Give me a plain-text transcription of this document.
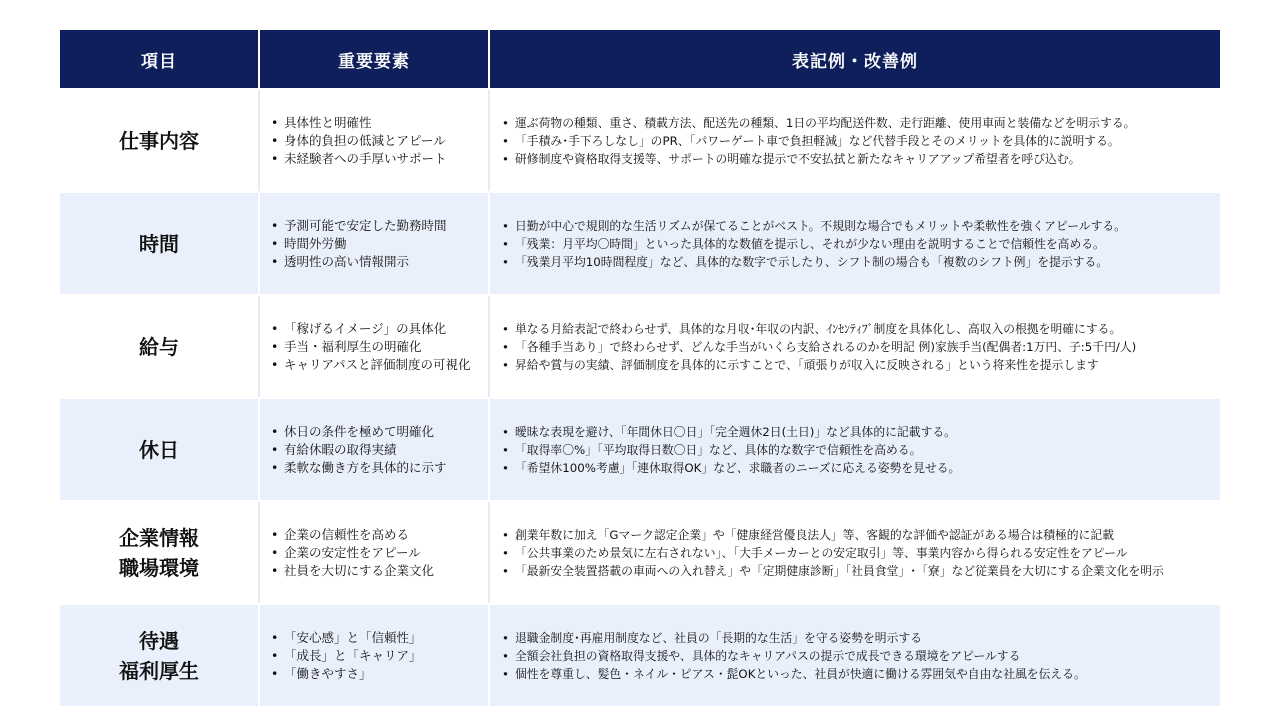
項目	重要要素	表記例・改善例
仕事内容
• 具体性と明確性
• 身体的負担の低減とアピール
• 未経験者への手厚いサポート
• 運ぶ荷物の種類、重さ、積載方法、配送先の種類、1日の平均配送件数、走行距離、使用車両と装備などを明示する。
• 「手積み･手下ろしなし」のPR、「パワーゲート車で負担軽減」など代替手段とそのメリットを具体的に説明する。
• 研修制度や資格取得支援等、サポートの明確な提示で不安払拭と新たなキャリアアップ希望者を呼び込む。
時間
• 予測可能で安定した勤務時間
• 時間外労働
• 透明性の高い情報開示
• 日勤が中心で規則的な生活リズムが保てることがベスト。不規則な場合でもメリットや柔軟性を強くアピールする。
• 「残業：月平均〇時間」といった具体的な数値を提示し、それが少ない理由を説明することで信頼性を高める。
• 「残業月平均10時間程度」など、具体的な数字で示したり、シフト制の場合も「複数のシフト例」を提示する。
給与
• 「稼げるイメージ」の具体化
• 手当・福利厚生の明確化
• キャリアパスと評価制度の可視化
• 単なる月給表記で終わらせず、具体的な月収･年収の内訳、ｲﾝｾﾝﾃｨﾌﾞ制度を具体化し、高収入の根拠を明確にする。
• 「各種手当あり」で終わらせず、どんな手当がいくら支給されるのかを明記 例)家族手当(配偶者:1万円、子:5千円/人)
• 昇給や賞与の実績、評価制度を具体的に示すことで、「頑張りが収入に反映される」という将来性を提示します
休日
• 休日の条件を極めて明確化
• 有給休暇の取得実績
• 柔軟な働き方を具体的に示す
• 曖昧な表現を避け、「年間休日〇日」「完全週休2日(土日)」など具体的に記載する。
• 「取得率〇%」「平均取得日数〇日」など、具体的な数字で信頼性を高める。
• 「希望休100%考慮」「連休取得OK」など、求職者のニーズに応える姿勢を見せる。
企業情報
職場環境
• 企業の信頼性を高める
• 企業の安定性をアピール
• 社員を大切にする企業文化
• 創業年数に加え「Gマーク認定企業」や「健康経営優良法人」等、客観的な評価や認証がある場合は積極的に記載
• 「公共事業のため景気に左右されない」、「大手メーカーとの安定取引」等、事業内容から得られる安定性をアピール
• 「最新安全装置搭載の車両への入れ替え」や「定期健康診断」「社員食堂」･「寮」など従業員を大切にする企業文化を明示
待遇
福利厚生
• 「安心感」と「信頼性」
• 「成長」と「キャリア」
• 「働きやすさ」
• 退職金制度･再雇用制度など、社員の「長期的な生活」を守る姿勢を明示する
• 全額会社負担の資格取得支援や、具体的なキャリアパスの提示で成長できる環境をアピールする
• 個性を尊重し、髪色・ネイル・ピアス・髭OKといった、社員が快適に働ける雰囲気や自由な社風を伝える。
